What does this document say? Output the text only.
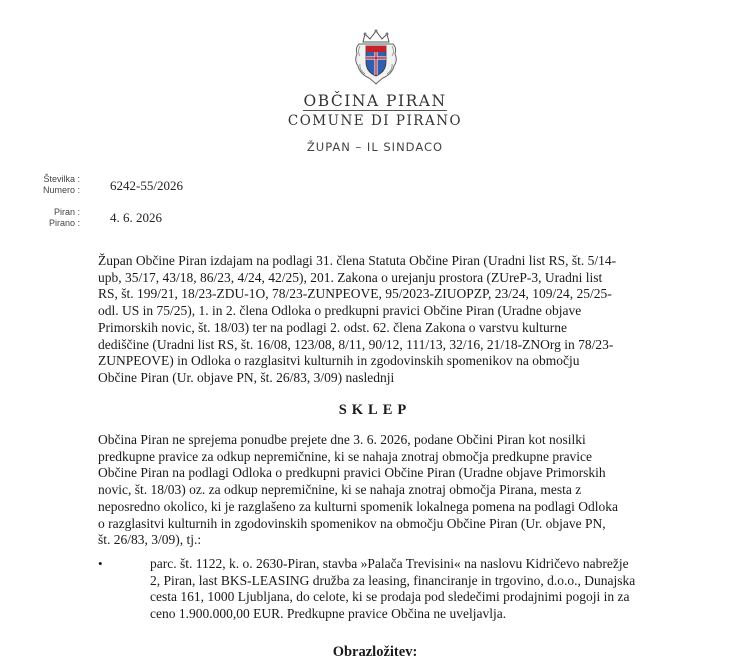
OBČINA PIRAN
COMUNE DI PIRANO
ŽUPAN – IL SINDACO
Številka :
Numero : 6242-55/2026
Piran :
Pirano : 4. 6. 2026
Župan Občine Piran izdajam na podlagi 31. člena Statuta Občine Piran (Uradni list RS, št. 5/14-
upb, 35/17, 43/18, 86/23, 4/24, 42/25), 201. Zakona o urejanju prostora (ZUreP-3, Uradni list
RS, št. 199/21, 18/23-ZDU-1O, 78/23-ZUNPEOVE, 95/2023-ZIUOPZP, 23/24, 109/24, 25/25-
odl. US in 75/25), 1. in 2. člena Odloka o predkupni pravici Občine Piran (Uradne objave
Primorskih novic, št. 18/03) ter na podlagi 2. odst. 62. člena Zakona o varstvu kulturne
dediščine (Uradni list RS, št. 16/08, 123/08, 8/11, 90/12, 111/13, 32/16, 21/18-ZNOrg in 78/23-
ZUNPEOVE) in Odloka o razglasitvi kulturnih in zgodovinskih spomenikov na območju
Občine Piran (Ur. objave PN, št. 26/83, 3/09) naslednji
SKLEP
Občina Piran ne sprejema ponudbe prejete dne 3. 6. 2026, podane Občini Piran kot nosilki
predkupne pravice za odkup nepremičnine, ki se nahaja znotraj območja predkupne pravice
Občine Piran na podlagi Odloka o predkupni pravici Občine Piran (Uradne objave Primorskih
novic, št. 18/03) oz. za odkup nepremičnine, ki se nahaja znotraj območja Pirana, mesta z
neposredno okolico, ki je razglašeno za kulturni spomenik lokalnega pomena na podlagi Odloka
o razglasitvi kulturnih in zgodovinskih spomenikov na območju Občine Piran (Ur. objave PN,
št. 26/83, 3/09), tj.:
•	parc. št. 1122, k. o. 2630-Piran, stavba »Palača Trevisini« na naslovu Kidričevo nabrežje
2, Piran, last BKS-LEASING družba za leasing, financiranje in trgovino, d.o.o., Dunajska
cesta 161, 1000 Ljubljana, do celote, ki se prodaja pod sledečimi prodajnimi pogoji in za
ceno 1.900.000,00 EUR. Predkupne pravice Občina ne uveljavlja.
Obrazložitev:
